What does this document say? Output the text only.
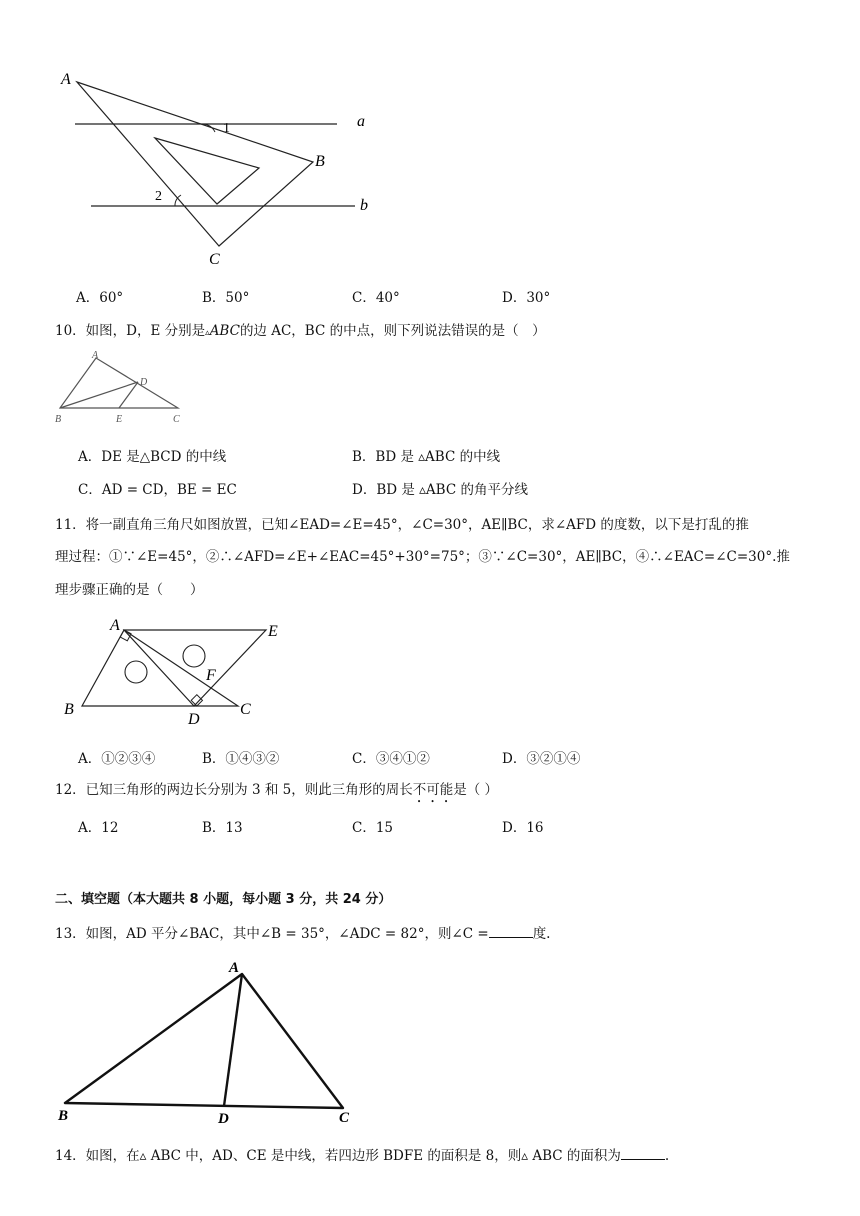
A
B
C
a
b
1
2
A．60°	B．50°	C．40°	D．30°
10．如图，D，E 分别是▵ABC的边 AC，BC 的中点，则下列说法错误的是（　）
A
B	C
D
E
A．DE 是△BCD 的中线	B．BD 是 ▵ABC 的中线
C．AD = CD，BE = EC	D．BD 是 ▵ABC 的角平分线
11．将一副直角三角尺如图放置，已知∠EAD=∠E=45°，∠C=30°，AE∥BC，求∠AFD 的度数，以下是打乱的推
理过程：①∵∠E=45°，②∴∠AFD=∠E+∠EAC=45°+30°=75°；③∵∠C=30°，AE∥BC，④∴∠EAC=∠C=30°.推
理步骤正确的是（　　）
A
B	C
D
E
F
A．①②③④	B．①④③②	C．③④①②	D．③②①④
12．已知三角形的两边长分别为 3 和 5，则此三角形的周长不可能是（ ）
A．12	B．13	C．15	D．16
二、填空题（本大题共 8 小题，每小题 3 分，共 24 分）
13．如图，AD 平分∠BAC，其中∠B = 35°，∠ADC = 82°，则∠C =	度.
A
B	C
D
14．如图，在▵ ABC 中，AD、CE 是中线，若四边形 BDFE 的面积是 8，则▵ ABC 的面积为	.
